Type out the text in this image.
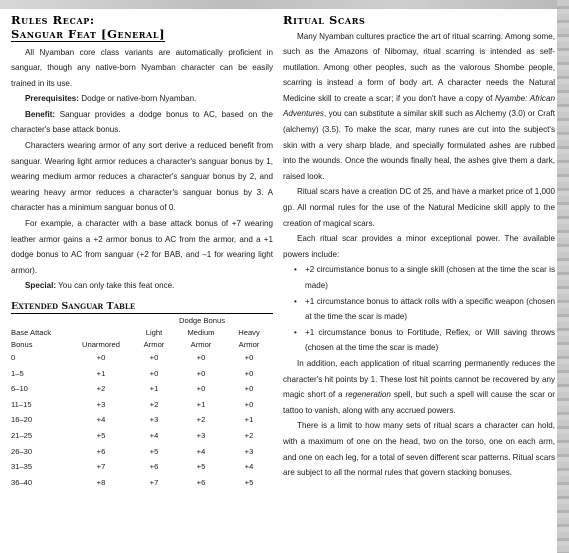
Rules Recap:
Sanguar Feat [General]

All Nyamban core class variants are automatically proficient in sanguar, though any native-born Nyamban character can be easily trained in its use.

Prerequisites: Dodge or native-born Nyamban.

Benefit: Sanguar provides a dodge bonus to AC, based on the character's base attack bonus.

Characters wearing armor of any sort derive a reduced benefit from sanguar. Wearing light armor reduces a character's sanguar bonus by 1, wearing medium armor reduces a character's sanguar bonus by 2, and wearing heavy armor reduces a character's sanguar bonus by 3. A character has a minimum sanguar bonus of 0.

For example, a character with a base attack bonus of +7 wearing leather armor gains a +2 armor bonus to AC from the armor, and a +1 dodge bonus to AC from sanguar (+2 for BAB, and –1 for wearing light armor).

Special: You can only take this feat once.

Extended Sanguar Table
		Dodge Bonus		
Base Attack		Light	Medium	Heavy
Bonus	Unarmored	Armor	Armor	Armor
0	+0	+0	+0	+0
1–5	+1	+0	+0	+0
6–10	+2	+1	+0	+0
11–15	+3	+2	+1	+0
16–20	+4	+3	+2	+1
21–25	+5	+4	+3	+2
26–30	+6	+5	+4	+3
31–35	+7	+6	+5	+4
36–40	+8	+7	+6	+5
Ritual Scars

Many Nyamban cultures practice the art of ritual scarring. Among some, such as the Amazons of Nibomay, ritual scarring is intended as self-mutilation. Among other peoples, such as the valorous Shombe people, scarring is instead a form of body art. A character needs the Natural Medicine skill to create a scar; if you don't have a copy of Nyambe: African Adventures, you can substitute a similar skill such as Alchemy (3.0) or Craft (alchemy) (3.5). To make the scar, many runes are cut into the subject's skin with a very sharp blade, and specially formulated ashes are rubbed into the wounds. Once the wounds finally heal, the ashes give them a dark, raised look.

Ritual scars have a creation DC of 25, and have a market price of 1,000 gp. All normal rules for the use of the Natural Medicine skill apply to the creation of magical scars.

Each ritual scar provides a minor exceptional power. The available powers include:

• +2 circumstance bonus to a single skill (chosen at the time the scar is made)
• +1 circumstance bonus to attack rolls with a specific weapon (chosen at the time the scar is made)
• +1 circumstance bonus to Fortitude, Reflex, or Will saving throws (chosen at the time the scar is made)

In addition, each application of ritual scarring permanently reduces the character's hit points by 1. These lost hit points cannot be recovered by any magic short of a regeneration spell, but such a spell will cause the scar or tattoo to vanish, along with any accrued powers.

There is a limit to how many sets of ritual scars a character can hold, with a maximum of one on the head, two on the torso, one on each arm, and one on each leg, for a total of seven different scar patterns. Ritual scars are subject to all the normal rules that govern stacking bonuses.
